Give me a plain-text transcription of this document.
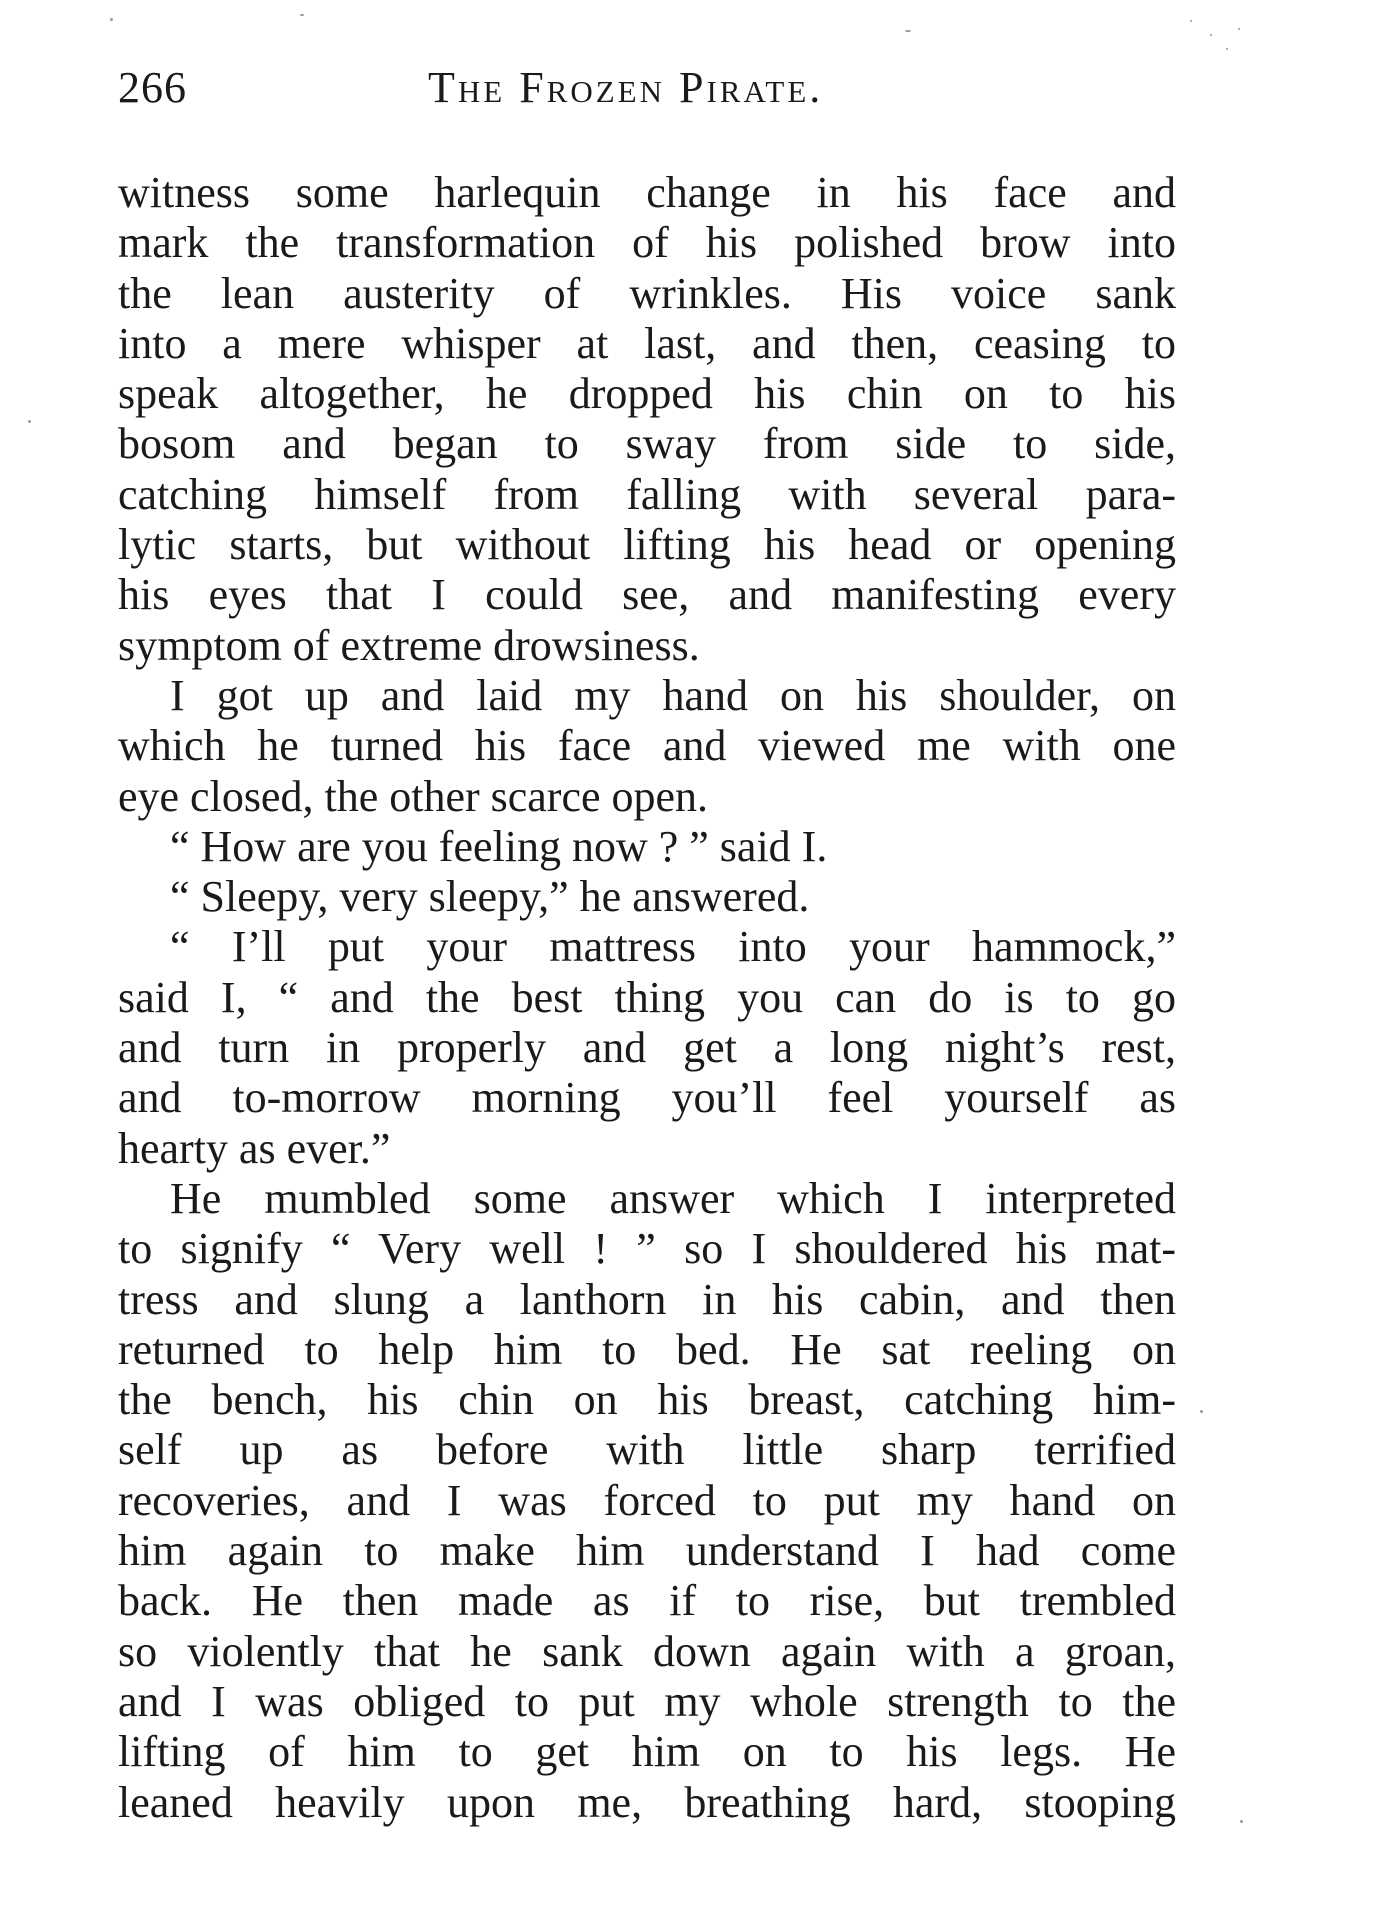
266	The Frozen Pirate.
witness some harlequin change in his face and
mark the transformation of his polished brow into
the lean austerity of wrinkles. His voice sank
into a mere whisper at last, and then, ceasing to
speak altogether, he dropped his chin on to his
bosom and began to sway from side to side,
catching himself from falling with several para-
lytic starts, but without lifting his head or opening
his eyes that I could see, and manifesting every
symptom of extreme drowsiness.
I got up and laid my hand on his shoulder, on
which he turned his face and viewed me with one
eye closed, the other scarce open.
“ How are you feeling now ? ” said I.
“ Sleepy, very sleepy,” he answered.
“ I’ll put your mattress into your hammock,”
said I, “ and the best thing you can do is to go
and turn in properly and get a long night’s rest,
and to-morrow morning you’ll feel yourself as
hearty as ever.”
He mumbled some answer which I interpreted
to signify “ Very well ! ” so I shouldered his mat-
tress and slung a lanthorn in his cabin, and then
returned to help him to bed. He sat reeling on
the bench, his chin on his breast, catching him-
self up as before with little sharp terrified
recoveries, and I was forced to put my hand on
him again to make him understand I had come
back. He then made as if to rise, but trembled
so violently that he sank down again with a groan,
and I was obliged to put my whole strength to the
lifting of him to get him on to his legs. He
leaned heavily upon me, breathing hard, stooping
